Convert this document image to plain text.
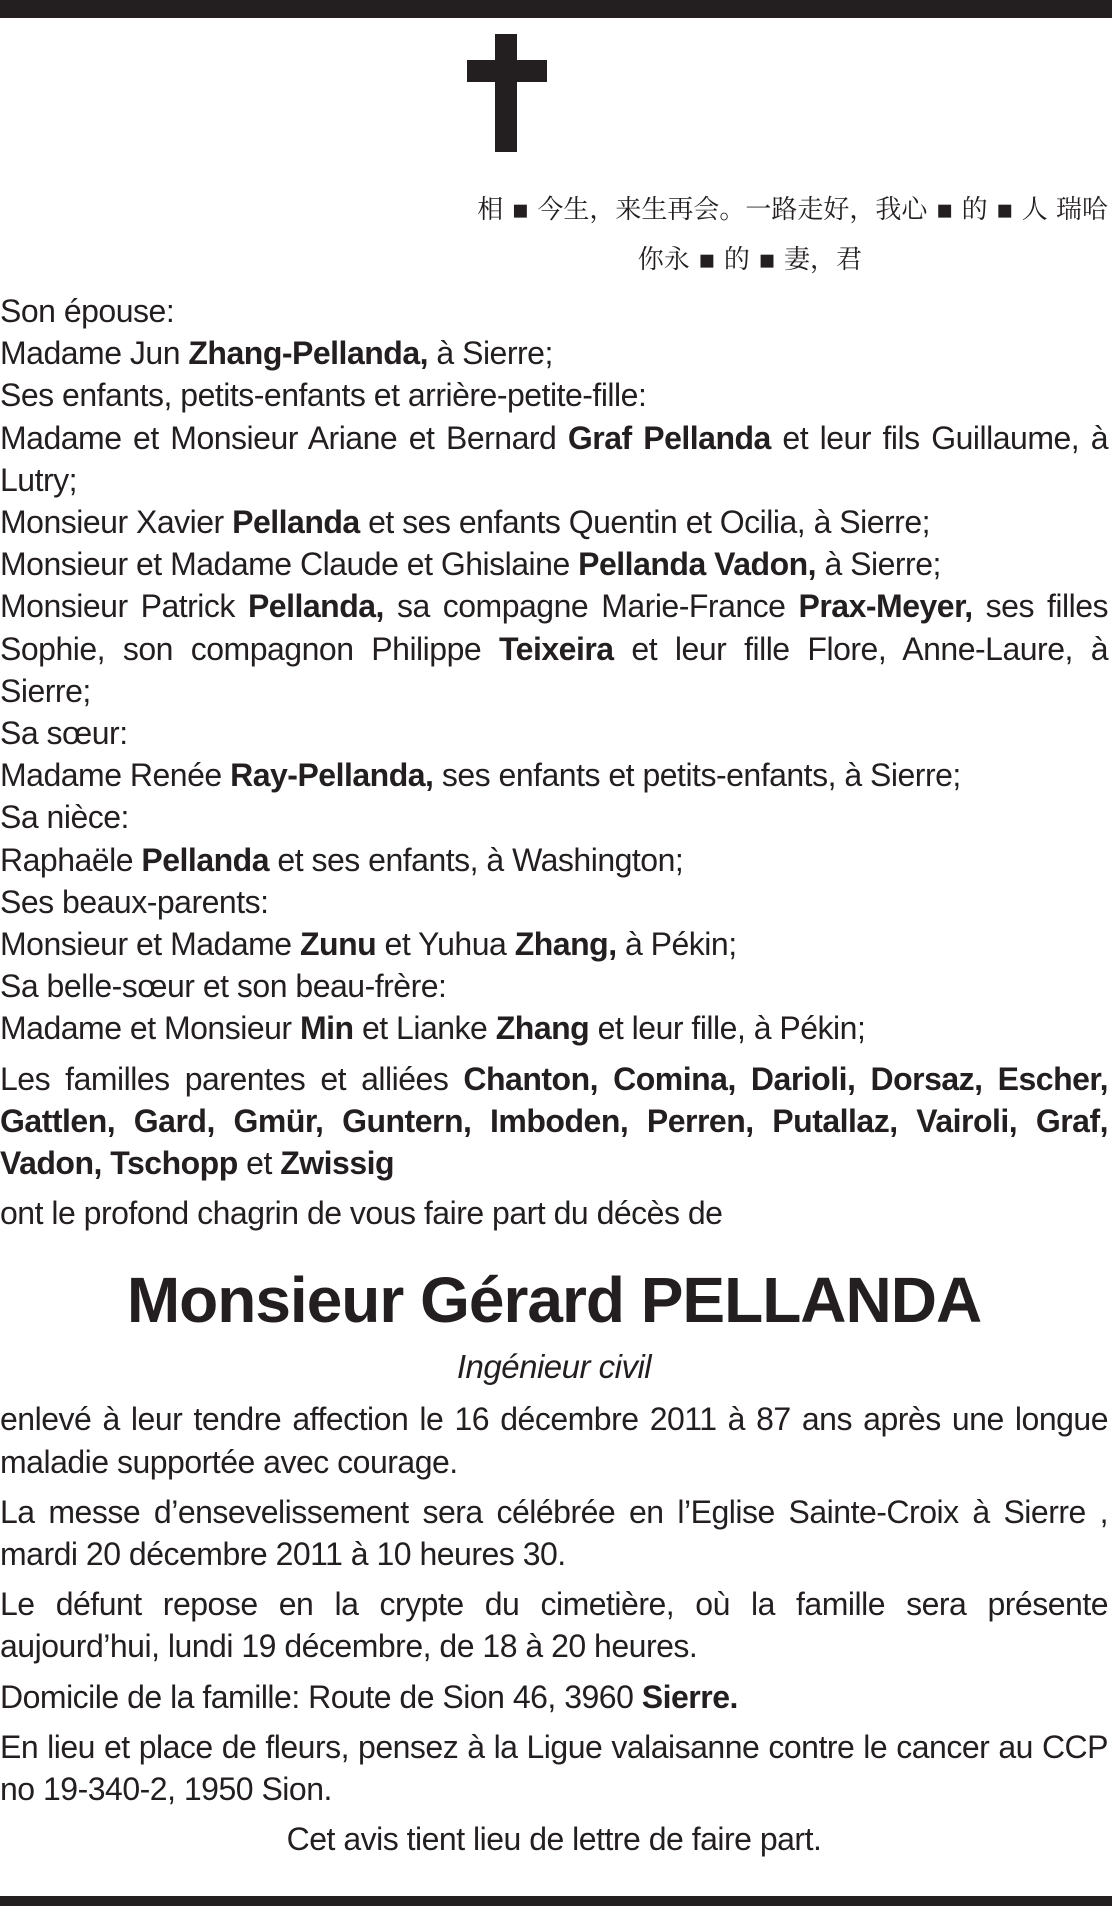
相 ▪ 今生，来生再会。一路走好，我心 ▪ 的 ▪ 人 瑞哈
你永 ▪ 的 ▪ 妻，君

Son épouse:

Madame Jun Zhang-Pellanda, à Sierre;

Ses enfants, petits-enfants et arrière-petite-fille:

Madame et Monsieur Ariane et Bernard Graf Pellanda et leur fils Guillaume, à Lutry;

Monsieur Xavier Pellanda et ses enfants Quentin et Ocilia, à Sierre;

Monsieur et Madame Claude et Ghislaine Pellanda Vadon, à Sierre;

Monsieur Patrick Pellanda, sa compagne Marie-France Prax-Meyer, ses filles Sophie, son compagnon Philippe Teixeira et leur fille Flore, Anne-Laure, à Sierre;

Sa sœur:

Madame Renée Ray-Pellanda, ses enfants et petits-enfants, à Sierre;

Sa nièce:

Raphaële Pellanda et ses enfants, à Washington;

Ses beaux-parents:

Monsieur et Madame Zunu et Yuhua Zhang, à Pékin;

Sa belle-sœur et son beau-frère:

Madame et Monsieur Min et Lianke Zhang et leur fille, à Pékin;

Les familles parentes et alliées Chanton, Comina, Darioli, Dorsaz, Escher, Gattlen, Gard, Gmür, Guntern, Imboden, Perren, Putallaz, Vairoli, Graf, Vadon, Tschopp et Zwissig

ont le profond chagrin de vous faire part du décès de

Monsieur Gérard PELLANDA

Ingénieur civil

enlevé à leur tendre affection le 16 décembre 2011 à 87 ans après une longue maladie supportée avec courage.

La messe d’ensevelissement sera célébrée en l’Eglise Sainte-Croix à Sierre , mardi 20 décembre 2011 à 10 heures 30.

Le défunt repose en la crypte du cimetière, où la famille sera présente aujourd’hui, lundi 19 décembre, de 18 à 20 heures.

Domicile de la famille: Route de Sion 46, 3960 Sierre.

En lieu et place de fleurs, pensez à la Ligue valaisanne contre le cancer au CCP no 19-340-2, 1950 Sion.

Cet avis tient lieu de lettre de faire part.
